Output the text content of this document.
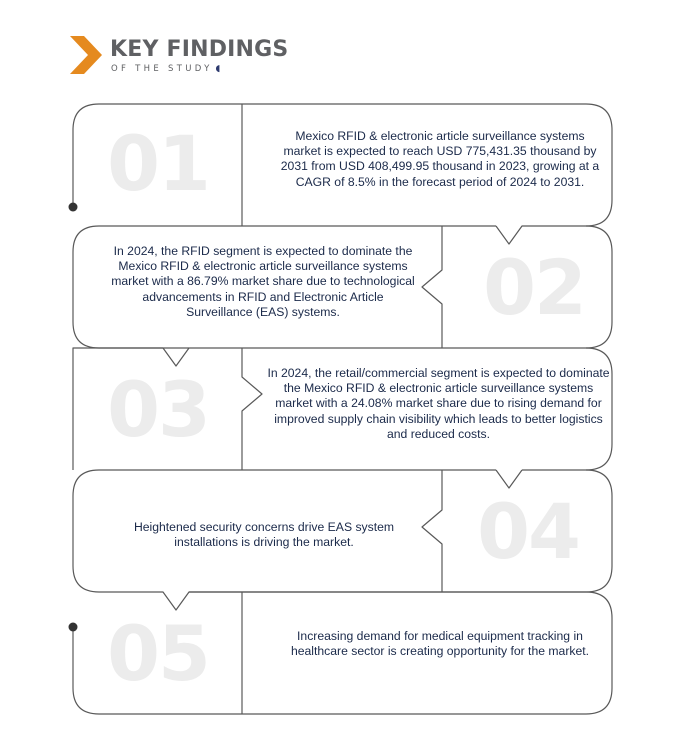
KEY FINDINGS
OF THE STUDY ◖
01
02
03
04
05
Mexico RFID & electronic article surveillance systems market is expected to reach USD 775,431.35 thousand by 2031 from USD 408,499.95 thousand in 2023, growing at a CAGR of 8.5% in the forecast period of 2024 to 2031.
In 2024, the RFID segment is expected to dominate the Mexico RFID & electronic article surveillance systems market with a 86.79% market share due to technological advancements in RFID and Electronic Article Surveillance (EAS) systems.
In 2024, the retail/commercial segment is expected to dominate the Mexico RFID & electronic article surveillance systems market with a 24.08% market share due to rising demand for improved supply chain visibility which leads to better logistics and reduced costs.
Heightened security concerns drive EAS system installations is driving the market.
Increasing demand for medical equipment tracking in healthcare sector is creating opportunity for the market.
